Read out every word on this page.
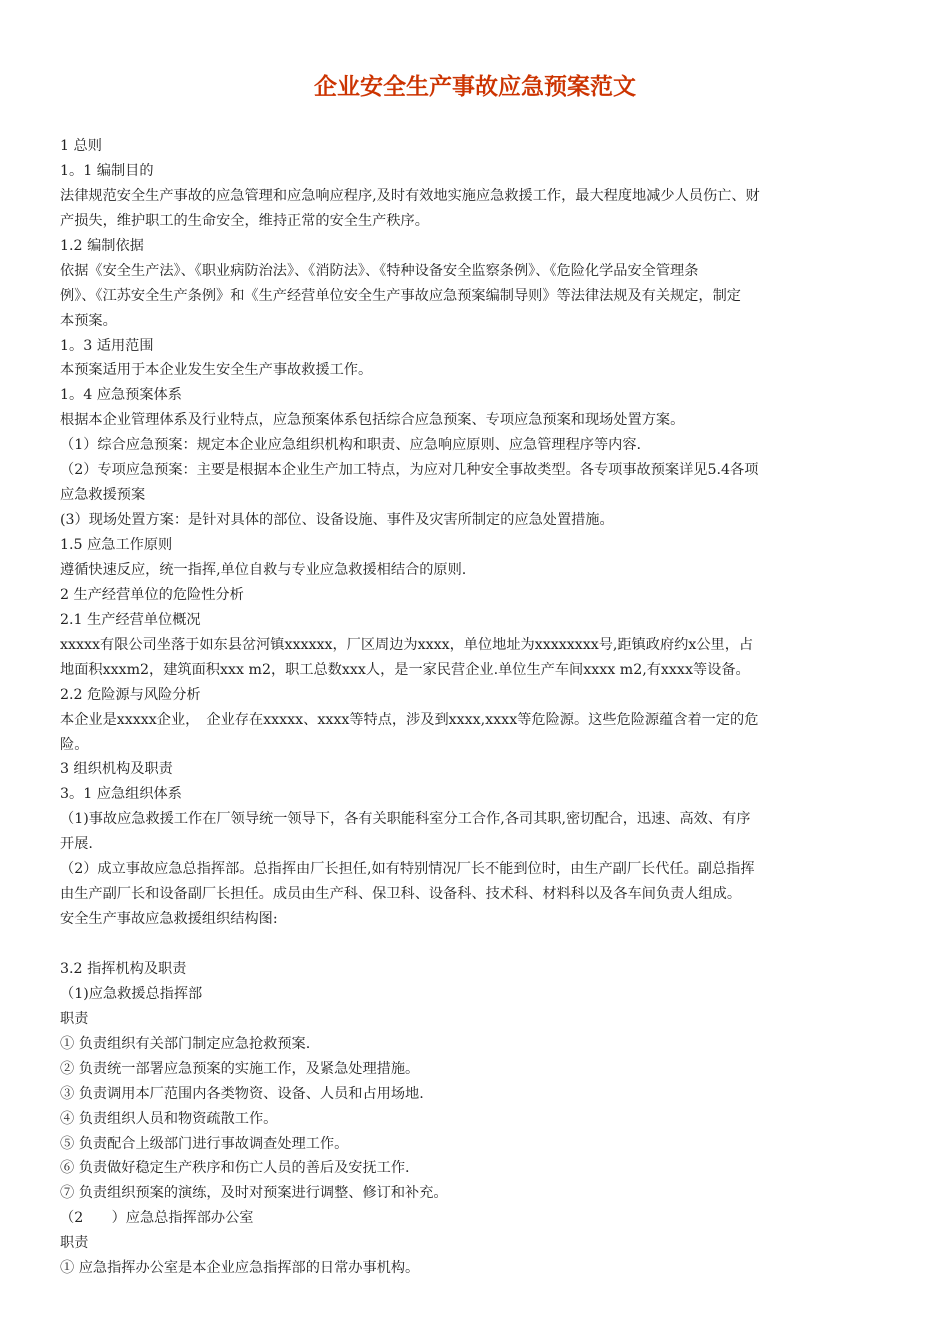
企业安全生产事故应急预案范文
1 总则
1。1 编制目的
法律规范安全生产事故的应急管理和应急响应程序,及时有效地实施应急救援工作，最大程度地减少人员伤亡、财
产损失，维护职工的生命安全，维持正常的安全生产秩序。
1.2 编制依据
依据《安全生产法》、《职业病防治法》、《消防法》、《特种设备安全监察条例》、《危险化学品安全管理条
例》、《江苏安全生产条例》和《生产经营单位安全生产事故应急预案编制导则》等法律法规及有关规定，制定
本预案。
1。3 适用范围
本预案适用于本企业发生安全生产事故救援工作。
1。4 应急预案体系
根据本企业管理体系及行业特点，应急预案体系包括综合应急预案、专项应急预案和现场处置方案。
（1）综合应急预案：规定本企业应急组织机构和职责、应急响应原则、应急管理程序等内容.
（2）专项应急预案：主要是根据本企业生产加工特点，为应对几种安全事故类型。各专项事故预案详见5.4各项
应急救援预案
(3）现场处置方案：是针对具体的部位、设备设施、事件及灾害所制定的应急处置措施。
1.5 应急工作原则
遵循快速反应，统一指挥,单位自救与专业应急救援相结合的原则.
2 生产经营单位的危险性分析
2.1 生产经营单位概况
xxxxx有限公司坐落于如东县岔河镇xxxxxx，厂区周边为xxxx，单位地址为xxxxxxxx号,距镇政府约x公里，占
地面积xxxm2，建筑面积xxx m2，职工总数xxx人，是一家民营企业.单位生产车间xxxx m2,有xxxx等设备。
2.2 危险源与风险分析
本企业是xxxxx企业，　企业存在xxxxx、xxxx等特点，涉及到xxxx,xxxx等危险源。这些危险源蕴含着一定的危
险。
3 组织机构及职责
3。1 应急组织体系
（1)事故应急救援工作在厂领导统一领导下，各有关职能科室分工合作,各司其职,密切配合，迅速、高效、有序
开展.
（2）成立事故应急总指挥部。总指挥由厂长担任,如有特别情况厂长不能到位时，由生产副厂长代任。副总指挥
由生产副厂长和设备副厂长担任。成员由生产科、保卫科、设备科、技术科、材料科以及各车间负责人组成。
安全生产事故应急救援组织结构图:
3.2 指挥机构及职责
（1)应急救援总指挥部
职责
① 负责组织有关部门制定应急抢救预案.
② 负责统一部署应急预案的实施工作，及紧急处理措施。
③ 负责调用本厂范围内各类物资、设备、人员和占用场地.
④ 负责组织人员和物资疏散工作。
⑤ 负责配合上级部门进行事故调查处理工作。
⑥ 负责做好稳定生产秩序和伤亡人员的善后及安抚工作.
⑦ 负责组织预案的演练，及时对预案进行调整、修订和补充。
（2　　）应急总指挥部办公室
职责
① 应急指挥办公室是本企业应急指挥部的日常办事机构。
